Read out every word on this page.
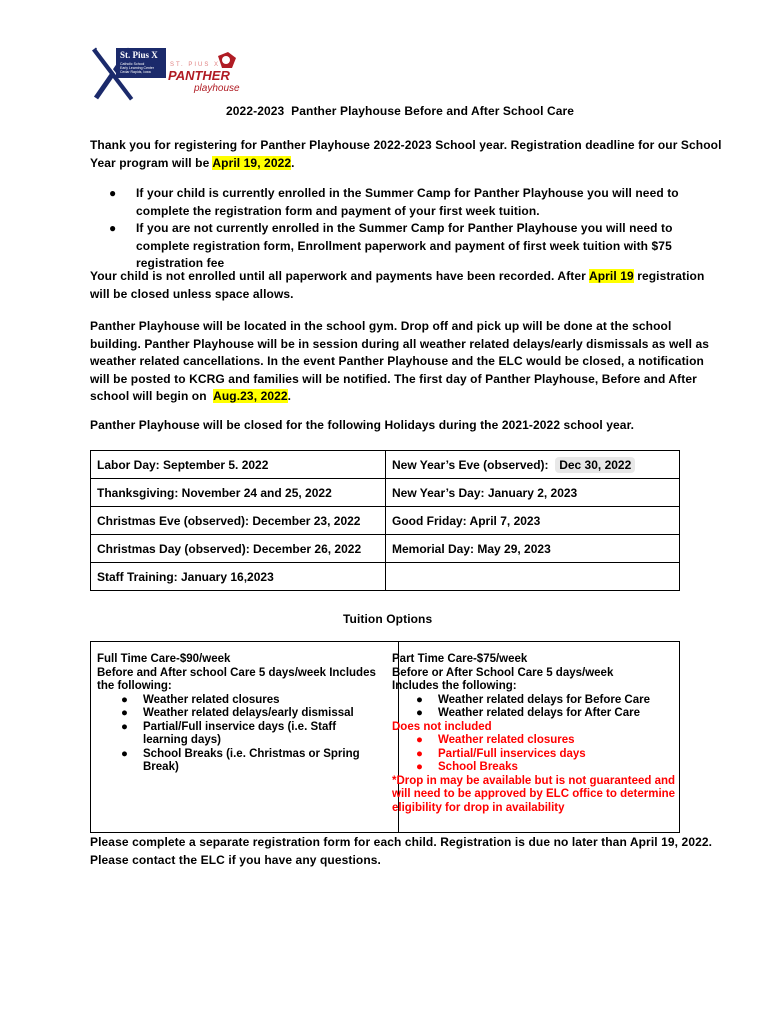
St. Pius X
Catholic School
Early Learning Center
Cedar Rapids, Iowa
ST. PIUS X
PANTHER
playhouse
2022-2023  Panther Playhouse Before and After School Care
Thank you for registering for Panther Playhouse 2022-2023 School year. Registration deadline for our School
Year program will be April 19, 2022.
● If your child is currently enrolled in the Summer Camp for Panther Playhouse you will need to
complete the registration form and payment of your first week tuition.
● If you are not currently enrolled in the Summer Camp for Panther Playhouse you will need to
complete registration form, Enrollment paperwork and payment of first week tuition with $75
registration fee
Your child is not enrolled until all paperwork and payments have been recorded. After April 19 registration
will be closed unless space allows.
Panther Playhouse will be located in the school gym. Drop off and pick up will be done at the school
building. Panther Playhouse will be in session during all weather related delays/early dismissals as well as
weather related cancellations. In the event Panther Playhouse and the ELC would be closed, a notification
will be posted to KCRG and families will be notified. The first day of Panther Playhouse, Before and After
school will begin on  Aug.23, 2022.
Panther Playhouse will be closed for the following Holidays during the 2021-2022 school year.
Labor Day: September 5. 2022	New Year’s Eve (observed):  Dec 30, 2022
Thanksgiving: November 24 and 25, 2022	New Year’s Day: January 2, 2023
Christmas Eve (observed): December 23, 2022	Good Friday: April 7, 2023
Christmas Day (observed): December 26, 2022	Memorial Day: May 29, 2023
Staff Training: January 16,2023	
Tuition Options
Full Time Care-$90/week
Before and After school Care 5 days/week Includes
the following:
● Weather related closures
● Weather related delays/early dismissal
● Partial/Full inservice days (i.e. Staff
learning days)
● School Breaks (i.e. Christmas or Spring
Break)
Part Time Care-$75/week
Before or After School Care 5 days/week
Includes the following:
● Weather related delays for Before Care
● Weather related delays for After Care
Does not included
● Weather related closures
● Partial/Full inservices days
● School Breaks
*Drop in may be available but is not guaranteed and
will need to be approved by ELC office to determine
eligibility for drop in availability
Please complete a separate registration form for each child. Registration is due no later than April 19, 2022.
Please contact the ELC if you have any questions.
